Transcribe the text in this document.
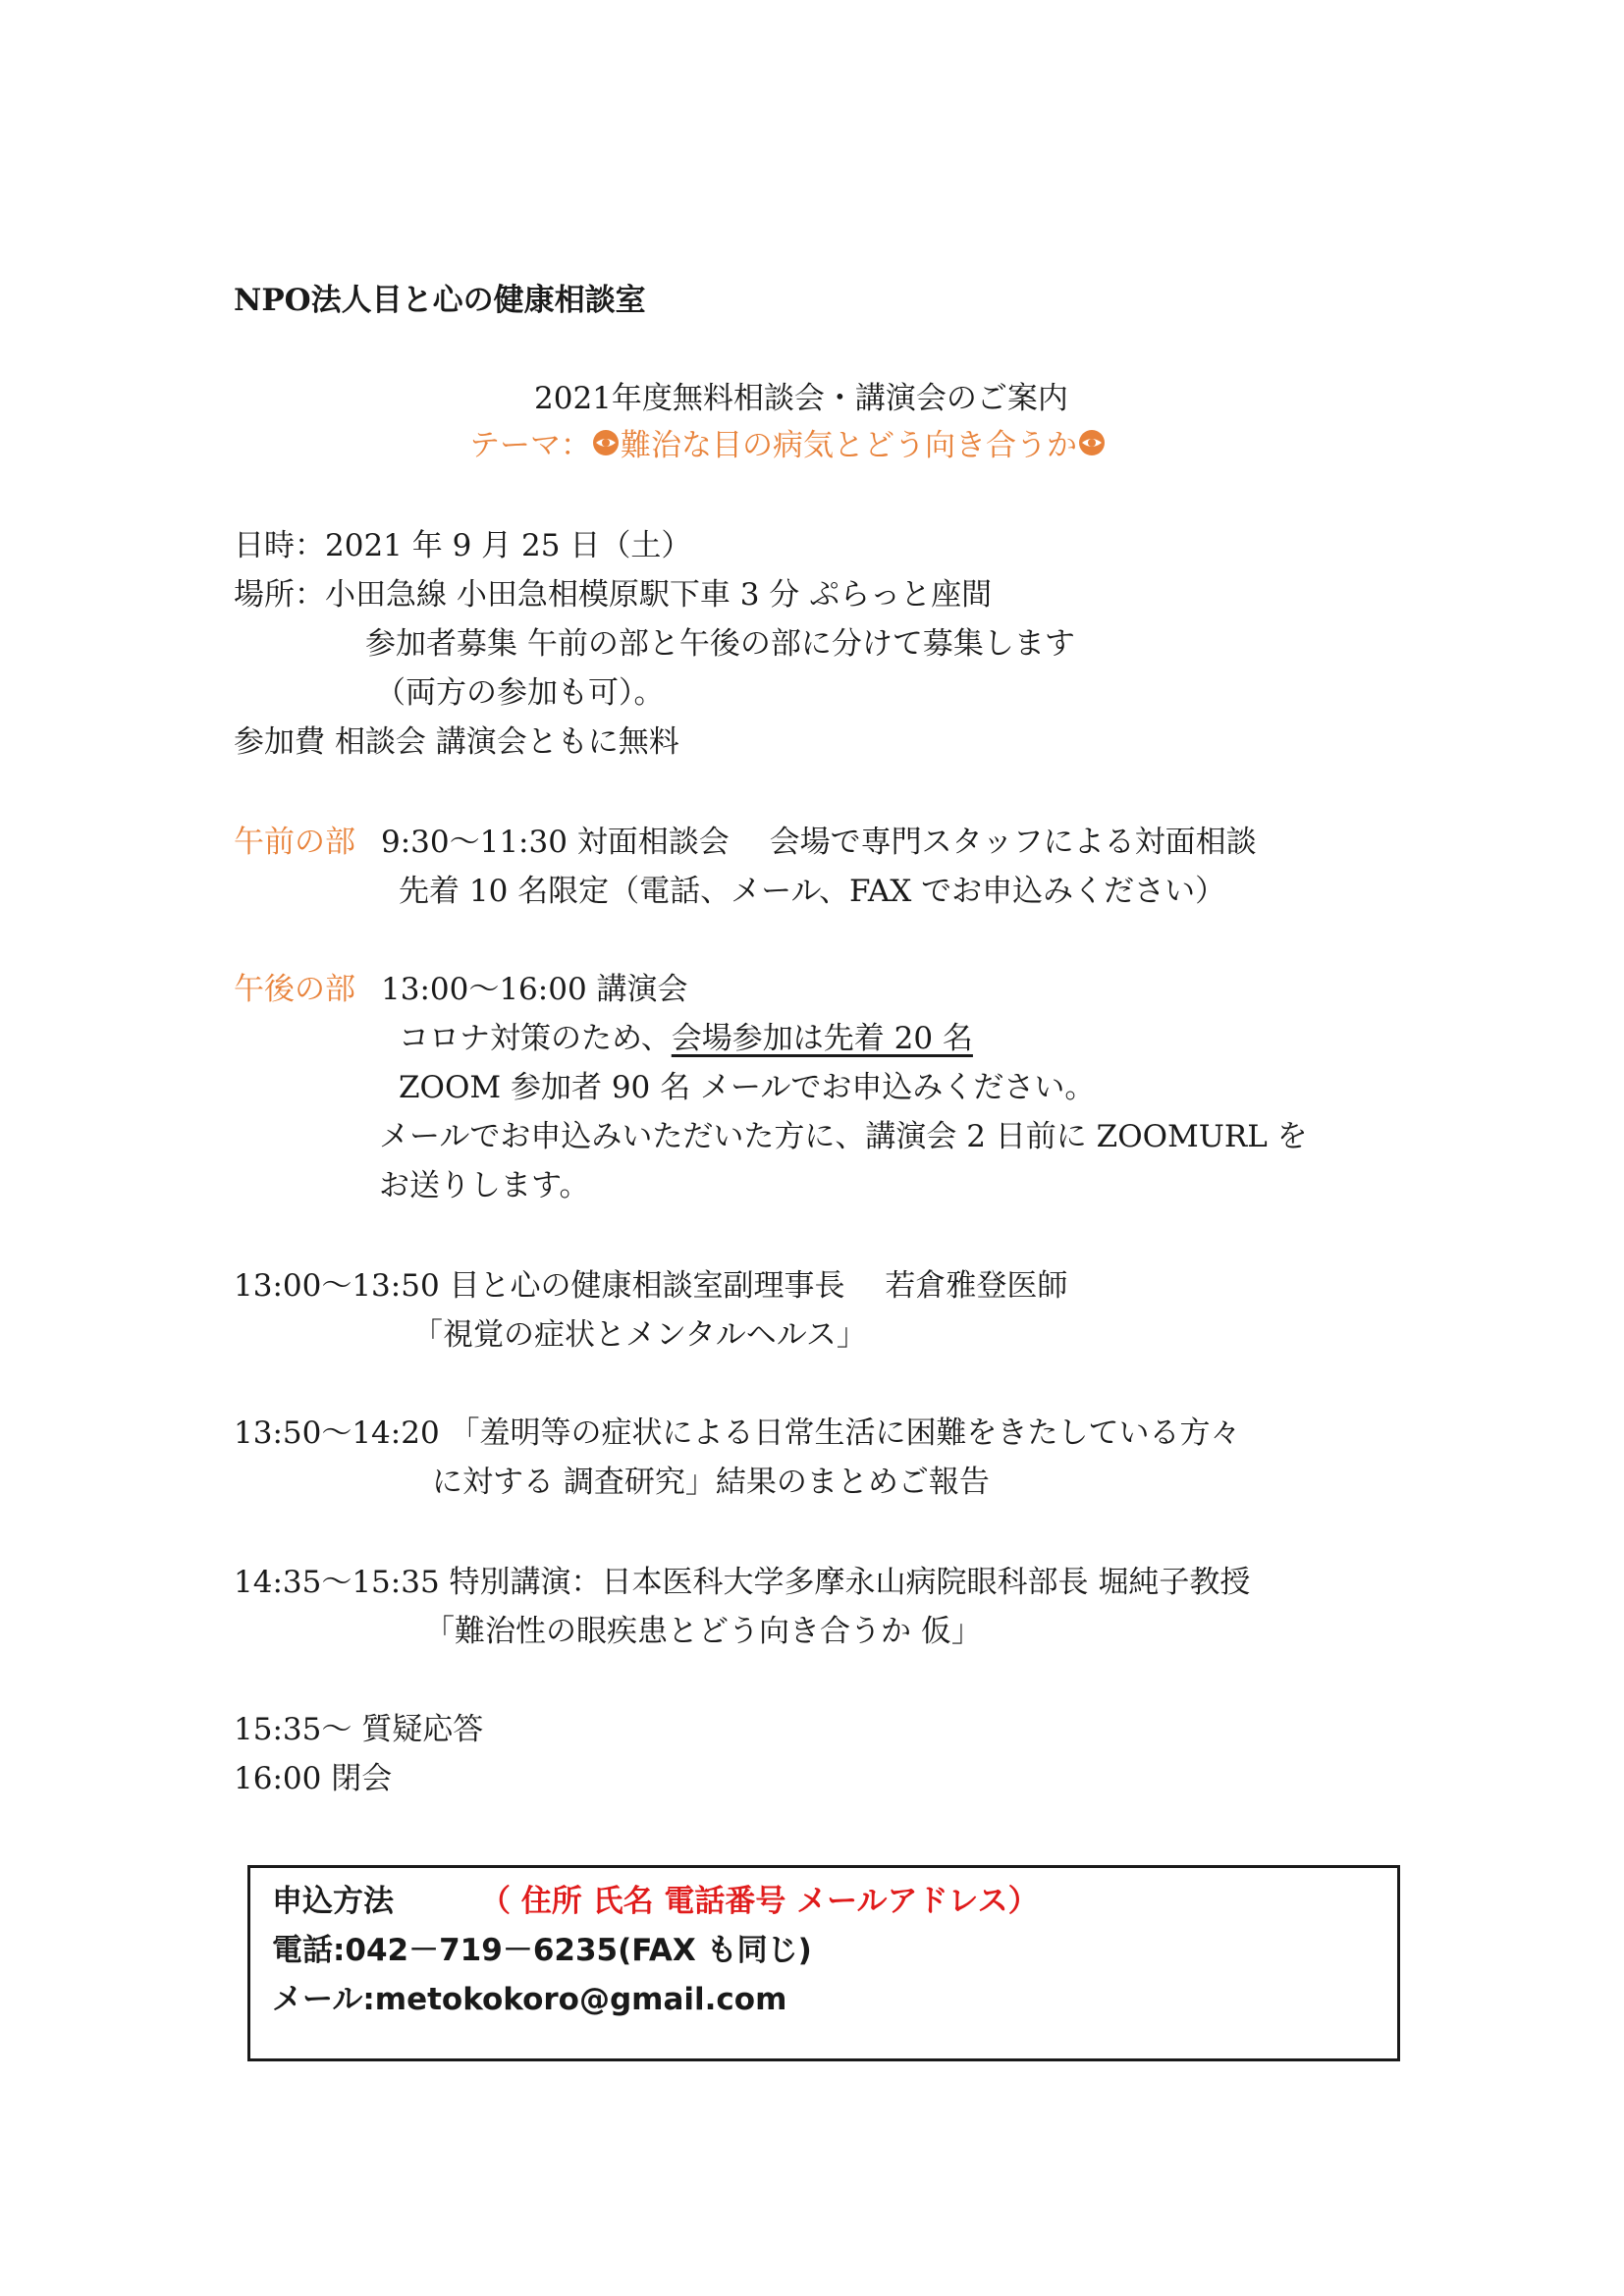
NPO法人目と心の健康相談室
2021年度無料相談会・講演会のご案内
テーマ： 難治な目の病気とどう向き合うか
日時：2021 年 9 月 25 日（土）
場所：小田急線 小田急相模原駅下車 3 分 ぷらっと座間
参加者募集 午前の部と午後の部に分けて募集します
（両方の参加も可）。
参加費 相談会 講演会ともに無料
午前の部 9:30～11:30 対面相談会　 会場で専門スタッフによる対面相談
先着 10 名限定（電話、メール、FAX でお申込みください）
午後の部 13:00～16:00 講演会
コロナ対策のため、会場参加は先着 20 名
ZOOM 参加者 90 名 メールでお申込みください。
メールでお申込みいただいた方に、講演会 2 日前に ZOOMURL を
お送りします。
13:00～13:50 目と心の健康相談室副理事長　 若倉雅登医師
「視覚の症状とメンタルヘルス」
13:50～14:20 「羞明等の症状による日常生活に困難をきたしている方々
に対する 調査研究」結果のまとめご報告
14:35～15:35 特別講演：日本医科大学多摩永山病院眼科部長 堀純子教授
「難治性の眼疾患とどう向き合うか 仮」
15:35～ 質疑応答
16:00 閉会
申込方法	（ 住所 氏名 電話番号 メールアドレス）
電話:042－719－6235(FAX も同じ)
メール:metokokoro@gmail.com
